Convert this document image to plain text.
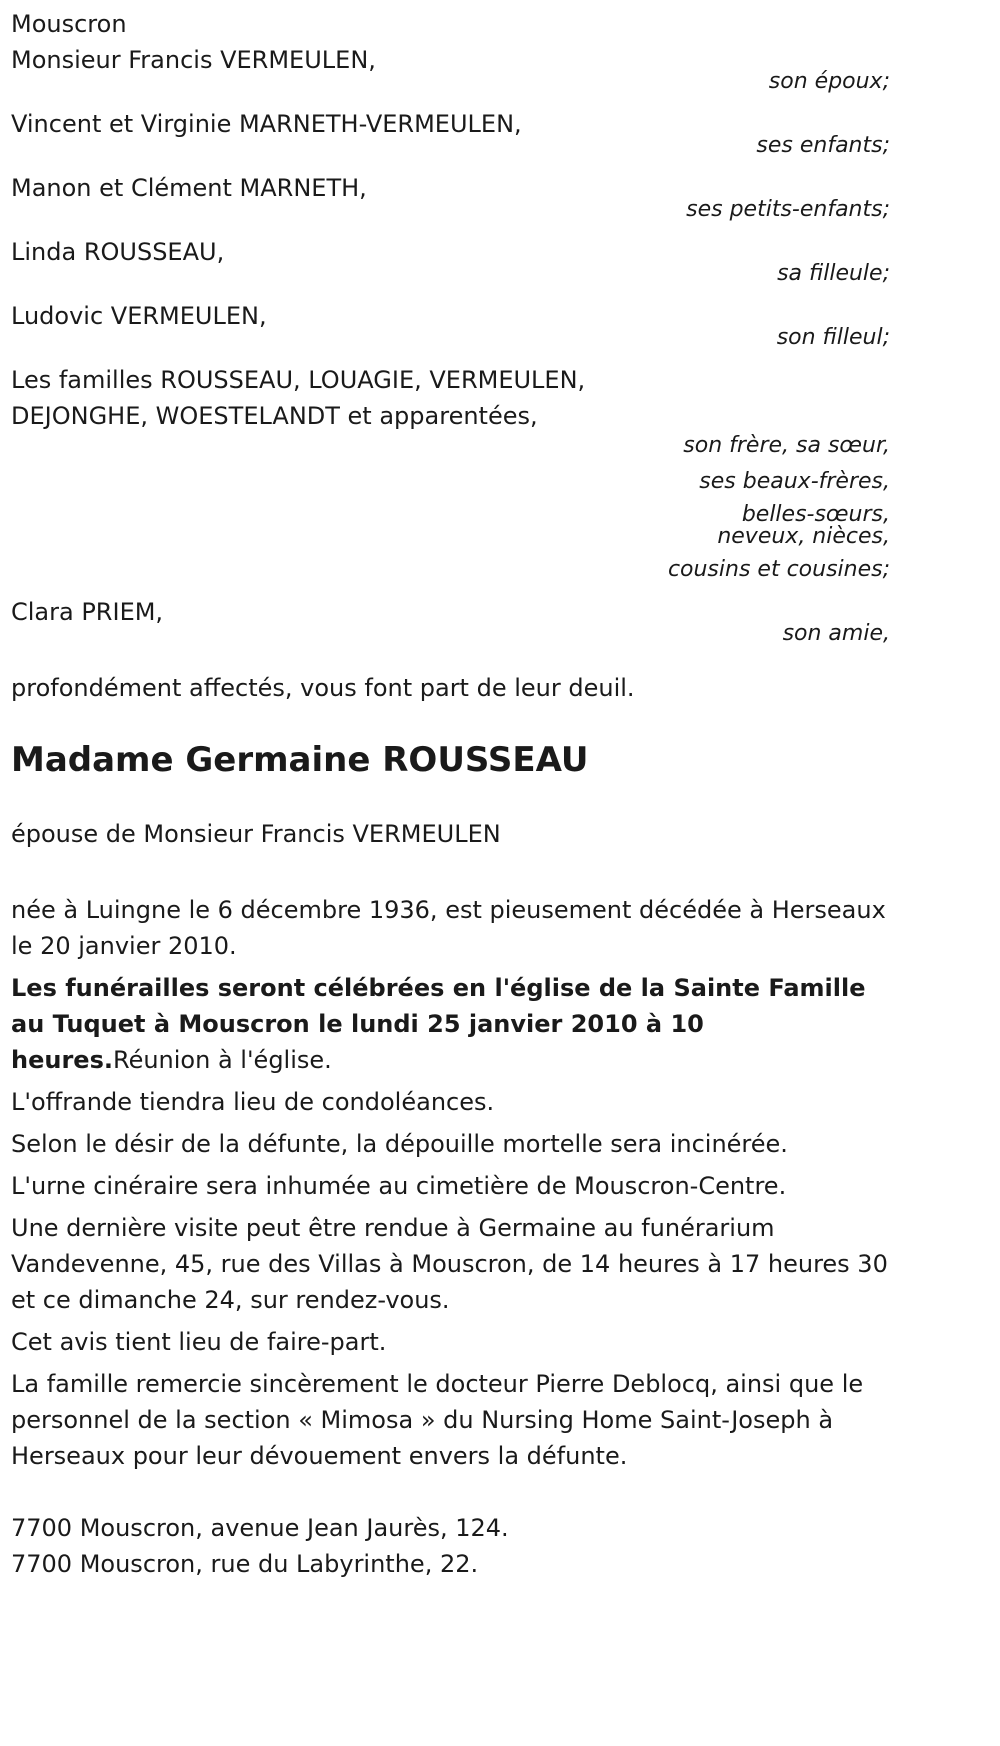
Mouscron

Monsieur Francis VERMEULEN,
son époux;
Vincent et Virginie MARNETH-VERMEULEN,
ses enfants;
Manon et Clément MARNETH,
ses petits-enfants;
Linda ROUSSEAU,
sa filleule;
Ludovic VERMEULEN,
son filleul;
Les familles ROUSSEAU, LOUAGIE, VERMEULEN,
DEJONGHE, WOESTELANDT et apparentées,
son frère, sa sœur,
ses beaux-frères,
belles-sœurs,
neveux, nièces,
cousins et cousines;
Clara PRIEM,
son amie,

profondément affectés, vous font part de leur deuil.

Madame Germaine ROUSSEAU

épouse de Monsieur Francis VERMEULEN

née à Luingne le 6 décembre 1936, est pieusement décédée à Herseaux le 20 janvier 2010.

Les funérailles seront célébrées en l'église de la Sainte Famille au Tuquet à Mouscron le lundi 25 janvier 2010 à 10 heures.Réunion à l'église.

L'offrande tiendra lieu de condoléances.

Selon le désir de la défunte, la dépouille mortelle sera incinérée.

L'urne cinéraire sera inhumée au cimetière de Mouscron-Centre.

Une dernière visite peut être rendue à Germaine au funérarium Vandevenne, 45, rue des Villas à Mouscron, de 14 heures à 17 heures 30 et ce dimanche 24, sur rendez-vous.

Cet avis tient lieu de faire-part.

La famille remercie sincèrement le docteur Pierre Deblocq, ainsi que le personnel de la section « Mimosa » du Nursing Home Saint-Joseph à Herseaux pour leur dévouement envers la défunte.

7700 Mouscron, avenue Jean Jaurès, 124.

7700 Mouscron, rue du Labyrinthe, 22.
